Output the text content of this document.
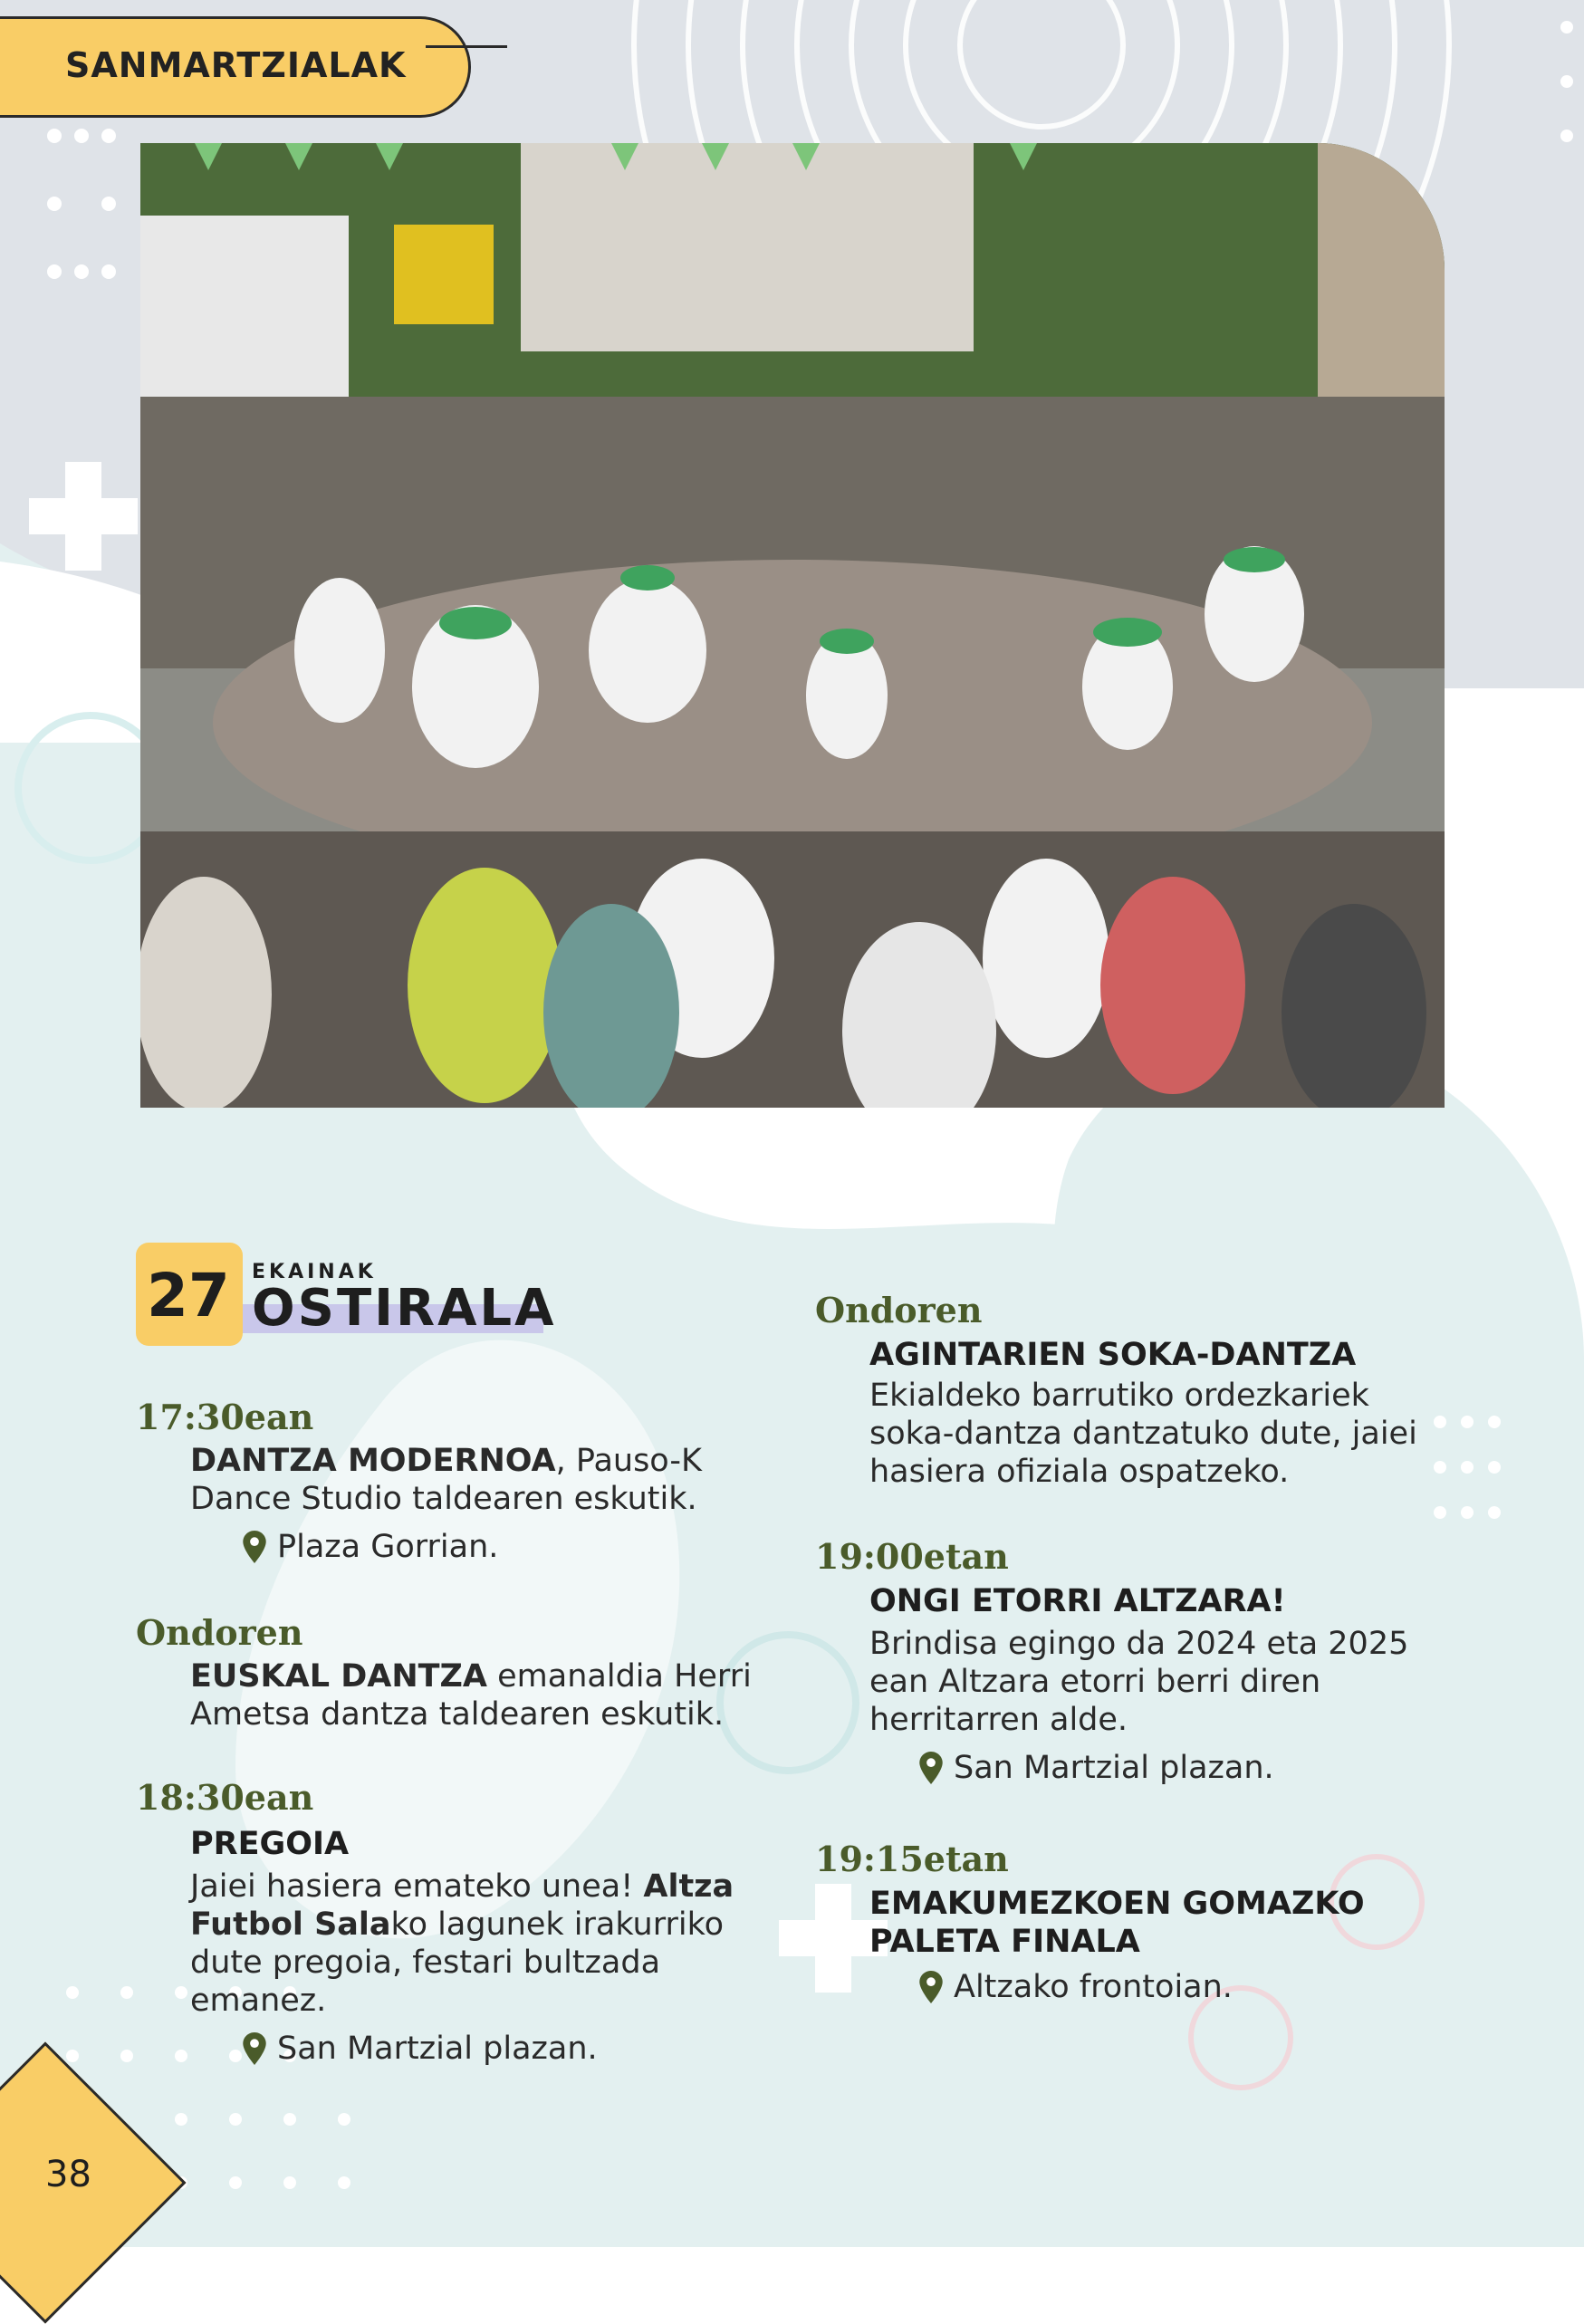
SANMARTZIALAK
27 EKAINAK
OSTIRALA
17:30ean
DANTZA MODERNOA, Pauso-K
Dance Studio taldearen eskutik.
Plaza Gorrian.
Ondoren
EUSKAL DANTZA emanaldia Herri
Ametsa dantza taldearen eskutik.
18:30ean
PREGOIA
Jaiei hasiera emateko unea! Altza
Futbol Salako lagunek irakurriko
dute pregoia, festari bultzada
emanez.
San Martzial plazan.
Ondoren
AGINTARIEN SOKA-DANTZA
Ekialdeko barrutiko ordezkariek
soka-dantza dantzatuko dute, jaiei
hasiera ofiziala ospatzeko.
19:00etan
ONGI ETORRI ALTZARA!
Brindisa egingo da 2024 eta 2025
ean Altzara etorri berri diren
herritarren alde.
San Martzial plazan.
19:15etan
EMAKUMEZKOEN GOMAZKO
PALETA FINALA
Altzako frontoian.
38
